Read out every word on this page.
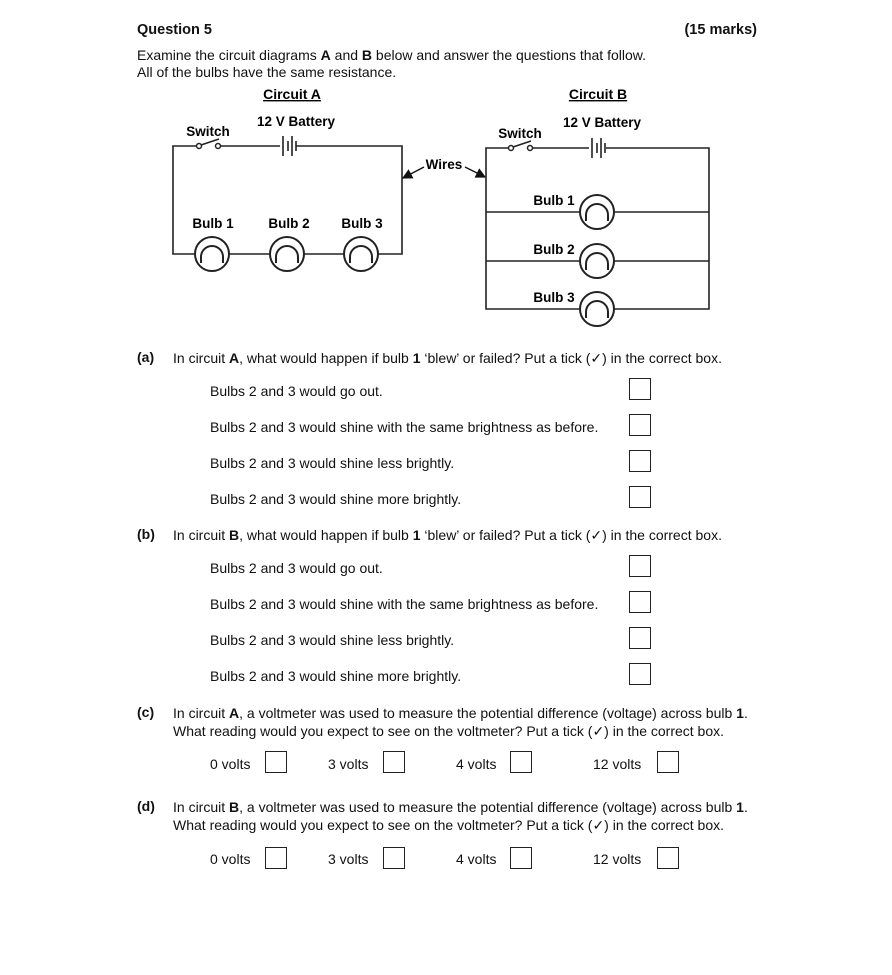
Question 5	(15 marks)
Examine the circuit diagrams A and B below and answer the questions that follow.
All of the bulbs have the same resistance.
Circuit A
12 V Battery
Switch
Bulb 1	Bulb 2 Bulb 3
Wires
Circuit B
12 V Battery
Switch
Bulb 1
Bulb 2
Bulb 3
(a) In circuit A, what would happen if bulb 1 ‘blew’ or failed? Put a tick (✓) in the correct box.
Bulbs 2 and 3 would go out.
Bulbs 2 and 3 would shine with the same brightness as before.
Bulbs 2 and 3 would shine less brightly.
Bulbs 2 and 3 would shine more brightly.
(b) In circuit B, what would happen if bulb 1 ‘blew’ or failed? Put a tick (✓) in the correct box.
Bulbs 2 and 3 would go out.
Bulbs 2 and 3 would shine with the same brightness as before.
Bulbs 2 and 3 would shine less brightly.
Bulbs 2 and 3 would shine more brightly.
(c) In circuit A, a voltmeter was used to measure the potential difference (voltage) across bulb 1.
What reading would you expect to see on the voltmeter? Put a tick (✓) in the correct box.
0 volts	3 volts	4 volts	12 volts
(d) In circuit B, a voltmeter was used to measure the potential difference (voltage) across bulb 1.
What reading would you expect to see on the voltmeter? Put a tick (✓) in the correct box.
0 volts	3 volts	4 volts	12 volts
